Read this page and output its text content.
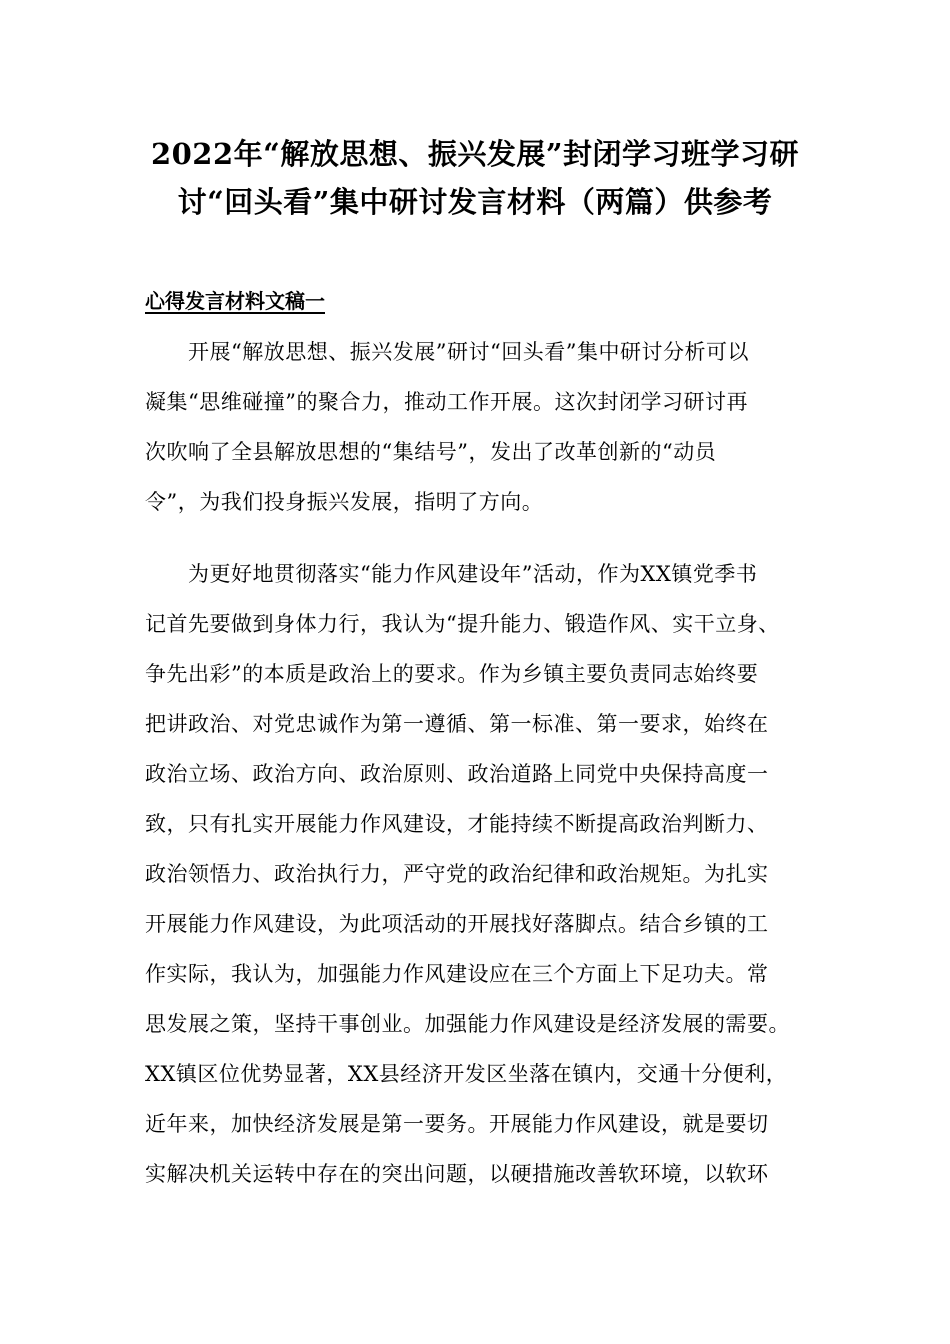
2022年“解放思想、振兴发展”封闭学习班学习研
讨“回头看”集中研讨发言材料（两篇）供参考
心得发言材料文稿一
　　开展“解放思想、振兴发展”研讨“回头看”集中研讨分析可以
凝集“思维碰撞”的聚合力，推动工作开展。这次封闭学习研讨再
次吹响了全县解放思想的“集结号”，发出了改革创新的“动员
令”，为我们投身振兴发展，指明了方向。
　　为更好地贯彻落实“能力作风建设年”活动，作为XX镇党季书
记首先要做到身体力行，我认为“提升能力、锻造作风、实干立身、
争先出彩”的本质是政治上的要求。作为乡镇主要负责同志始终要
把讲政治、对党忠诚作为第一遵循、第一标准、第一要求，始终在
政治立场、政治方向、政治原则、政治道路上同党中央保持高度一
致，只有扎实开展能力作风建设，才能持续不断提高政治判断力、
政治领悟力、政治执行力，严守党的政治纪律和政治规矩。为扎实
开展能力作风建设，为此项活动的开展找好落脚点。结合乡镇的工
作实际，我认为，加强能力作风建设应在三个方面上下足功夫。常
思发展之策，坚持干事创业。加强能力作风建设是经济发展的需要。
XX镇区位优势显著，XX县经济开发区坐落在镇内，交通十分便利，
近年来，加快经济发展是第一要务。开展能力作风建设，就是要切
实解决机关运转中存在的突出问题，以硬措施改善软环境，以软环
